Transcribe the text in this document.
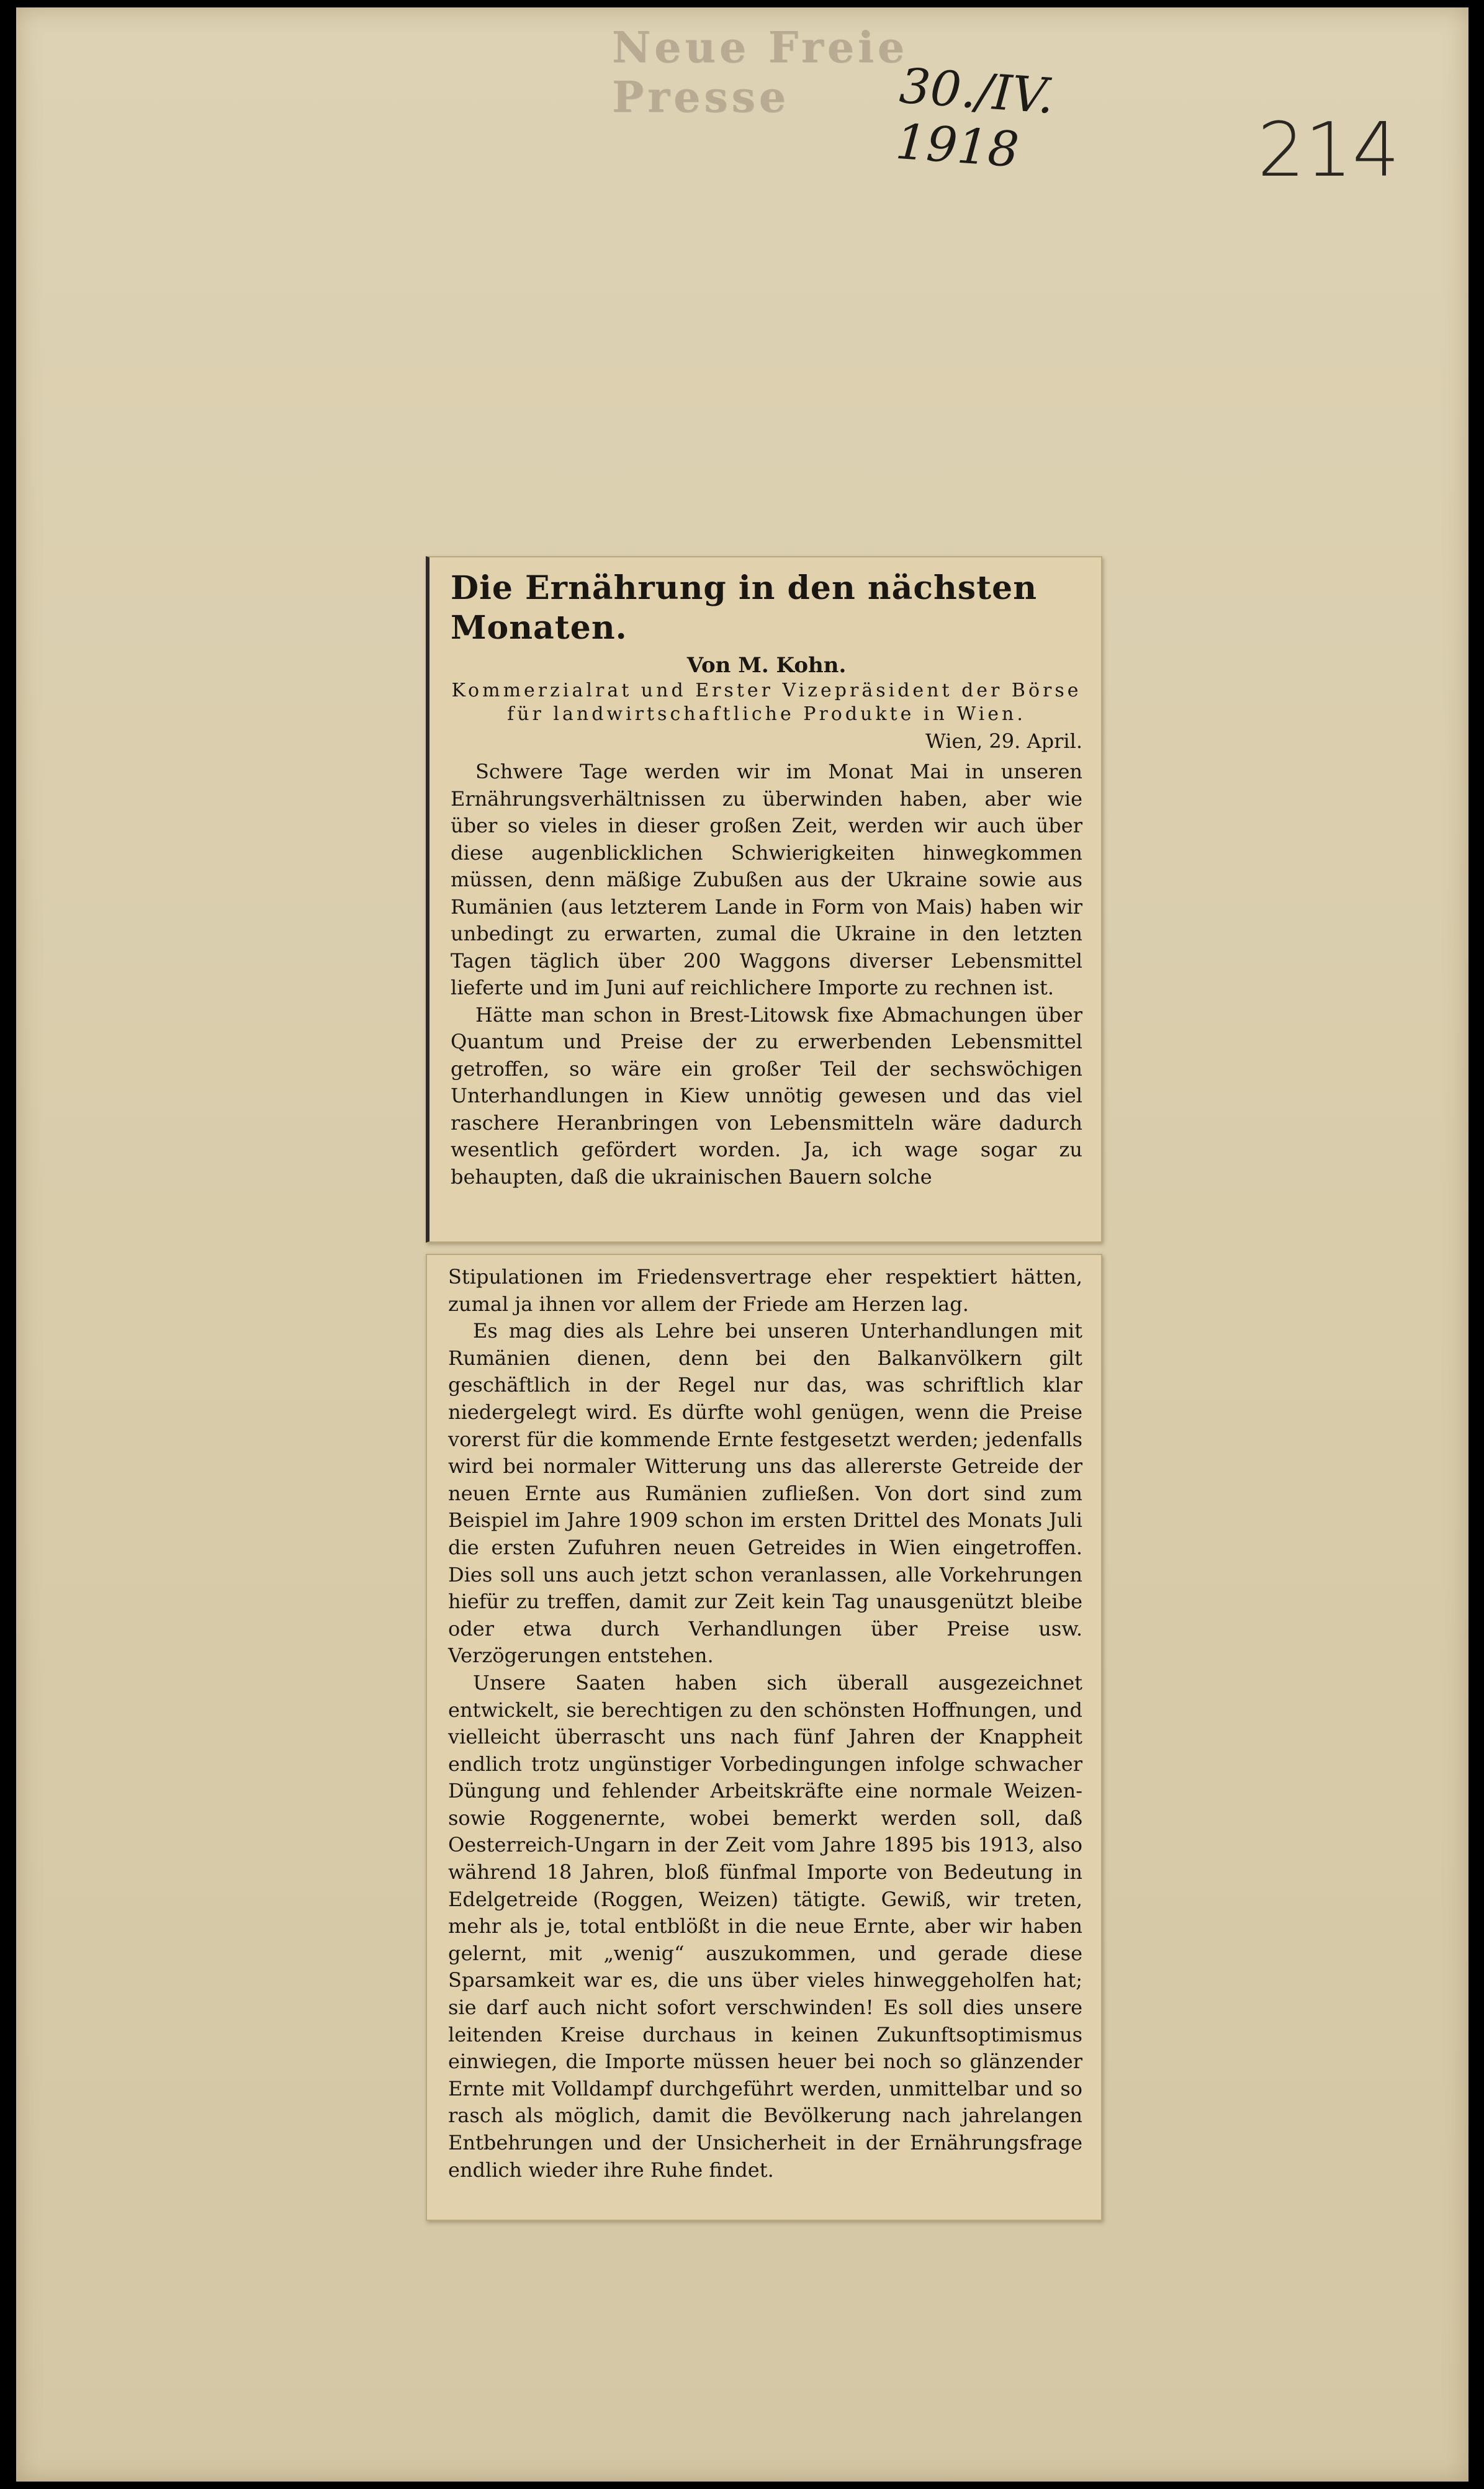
Neue Freie Presse	30./IV. 1918	214
Die Ernährung in den nächsten Monaten.
Von M. Kohn.
Kommerzialrat und Erster Vizepräsident der Börse für landwirtschaftliche Produkte in Wien.
Wien, 29. April.

Schwere Tage werden wir im Monat Mai in unseren Ernährungsverhältnissen zu überwinden haben, aber wie über so vieles in dieser großen Zeit, werden wir auch über diese augenblicklichen Schwierigkeiten hinwegkommen müssen, denn mäßige Zubußen aus der Ukraine sowie aus Rumänien (aus letzterem Lande in Form von Mais) haben wir unbedingt zu erwarten, zumal die Ukraine in den letzten Tagen täglich über 200 Waggons diverser Lebensmittel lieferte und im Juni auf reichlichere Importe zu rechnen ist.

Hätte man schon in Brest-Litowsk fixe Abmachungen über Quantum und Preise der zu erwerbenden Lebensmittel getroffen, so wäre ein großer Teil der sechswöchigen Unterhandlungen in Kiew unnötig gewesen und das viel raschere Heranbringen von Lebensmitteln wäre dadurch wesentlich gefördert worden. Ja, ich wage sogar zu behaupten, daß die ukrainischen Bauern solche

Stipulationen im Friedensvertrage eher respektiert hätten, zumal ja ihnen vor allem der Friede am Herzen lag.

Es mag dies als Lehre bei unseren Unterhandlungen mit Rumänien dienen, denn bei den Balkanvölkern gilt geschäftlich in der Regel nur das, was schriftlich klar niedergelegt wird. Es dürfte wohl genügen, wenn die Preise vorerst für die kommende Ernte festgesetzt werden; jedenfalls wird bei normaler Witterung uns das allererste Getreide der neuen Ernte aus Rumänien zufließen. Von dort sind zum Beispiel im Jahre 1909 schon im ersten Drittel des Monats Juli die ersten Zufuhren neuen Getreides in Wien eingetroffen. Dies soll uns auch jetzt schon veranlassen, alle Vorkehrungen hiefür zu treffen, damit zur Zeit kein Tag unausgenützt bleibe oder etwa durch Verhandlungen über Preise usw. Verzögerungen entstehen.

Unsere Saaten haben sich überall ausgezeichnet entwickelt, sie berechtigen zu den schönsten Hoffnungen, und vielleicht überrascht uns nach fünf Jahren der Knappheit endlich trotz ungünstiger Vorbedingungen infolge schwacher Düngung und fehlender Arbeitskräfte eine normale Weizen- sowie Roggenernte, wobei bemerkt werden soll, daß Oesterreich-Ungarn in der Zeit vom Jahre 1895 bis 1913, also während 18 Jahren, bloß fünfmal Importe von Bedeutung in Edelgetreide (Roggen, Weizen) tätigte. Gewiß, wir treten, mehr als je, total entblößt in die neue Ernte, aber wir haben gelernt, mit „wenig“ auszukommen, und gerade diese Sparsamkeit war es, die uns über vieles hinweggeholfen hat; sie darf auch nicht sofort verschwinden! Es soll dies unsere leitenden Kreise durchaus in keinen Zukunftsoptimismus einwiegen, die Importe müssen heuer bei noch so glänzender Ernte mit Volldampf durchgeführt werden, unmittelbar und so rasch als möglich, damit die Bevölkerung nach jahrelangen Entbehrungen und der Unsicherheit in der Ernährungsfrage endlich wieder ihre Ruhe findet.
